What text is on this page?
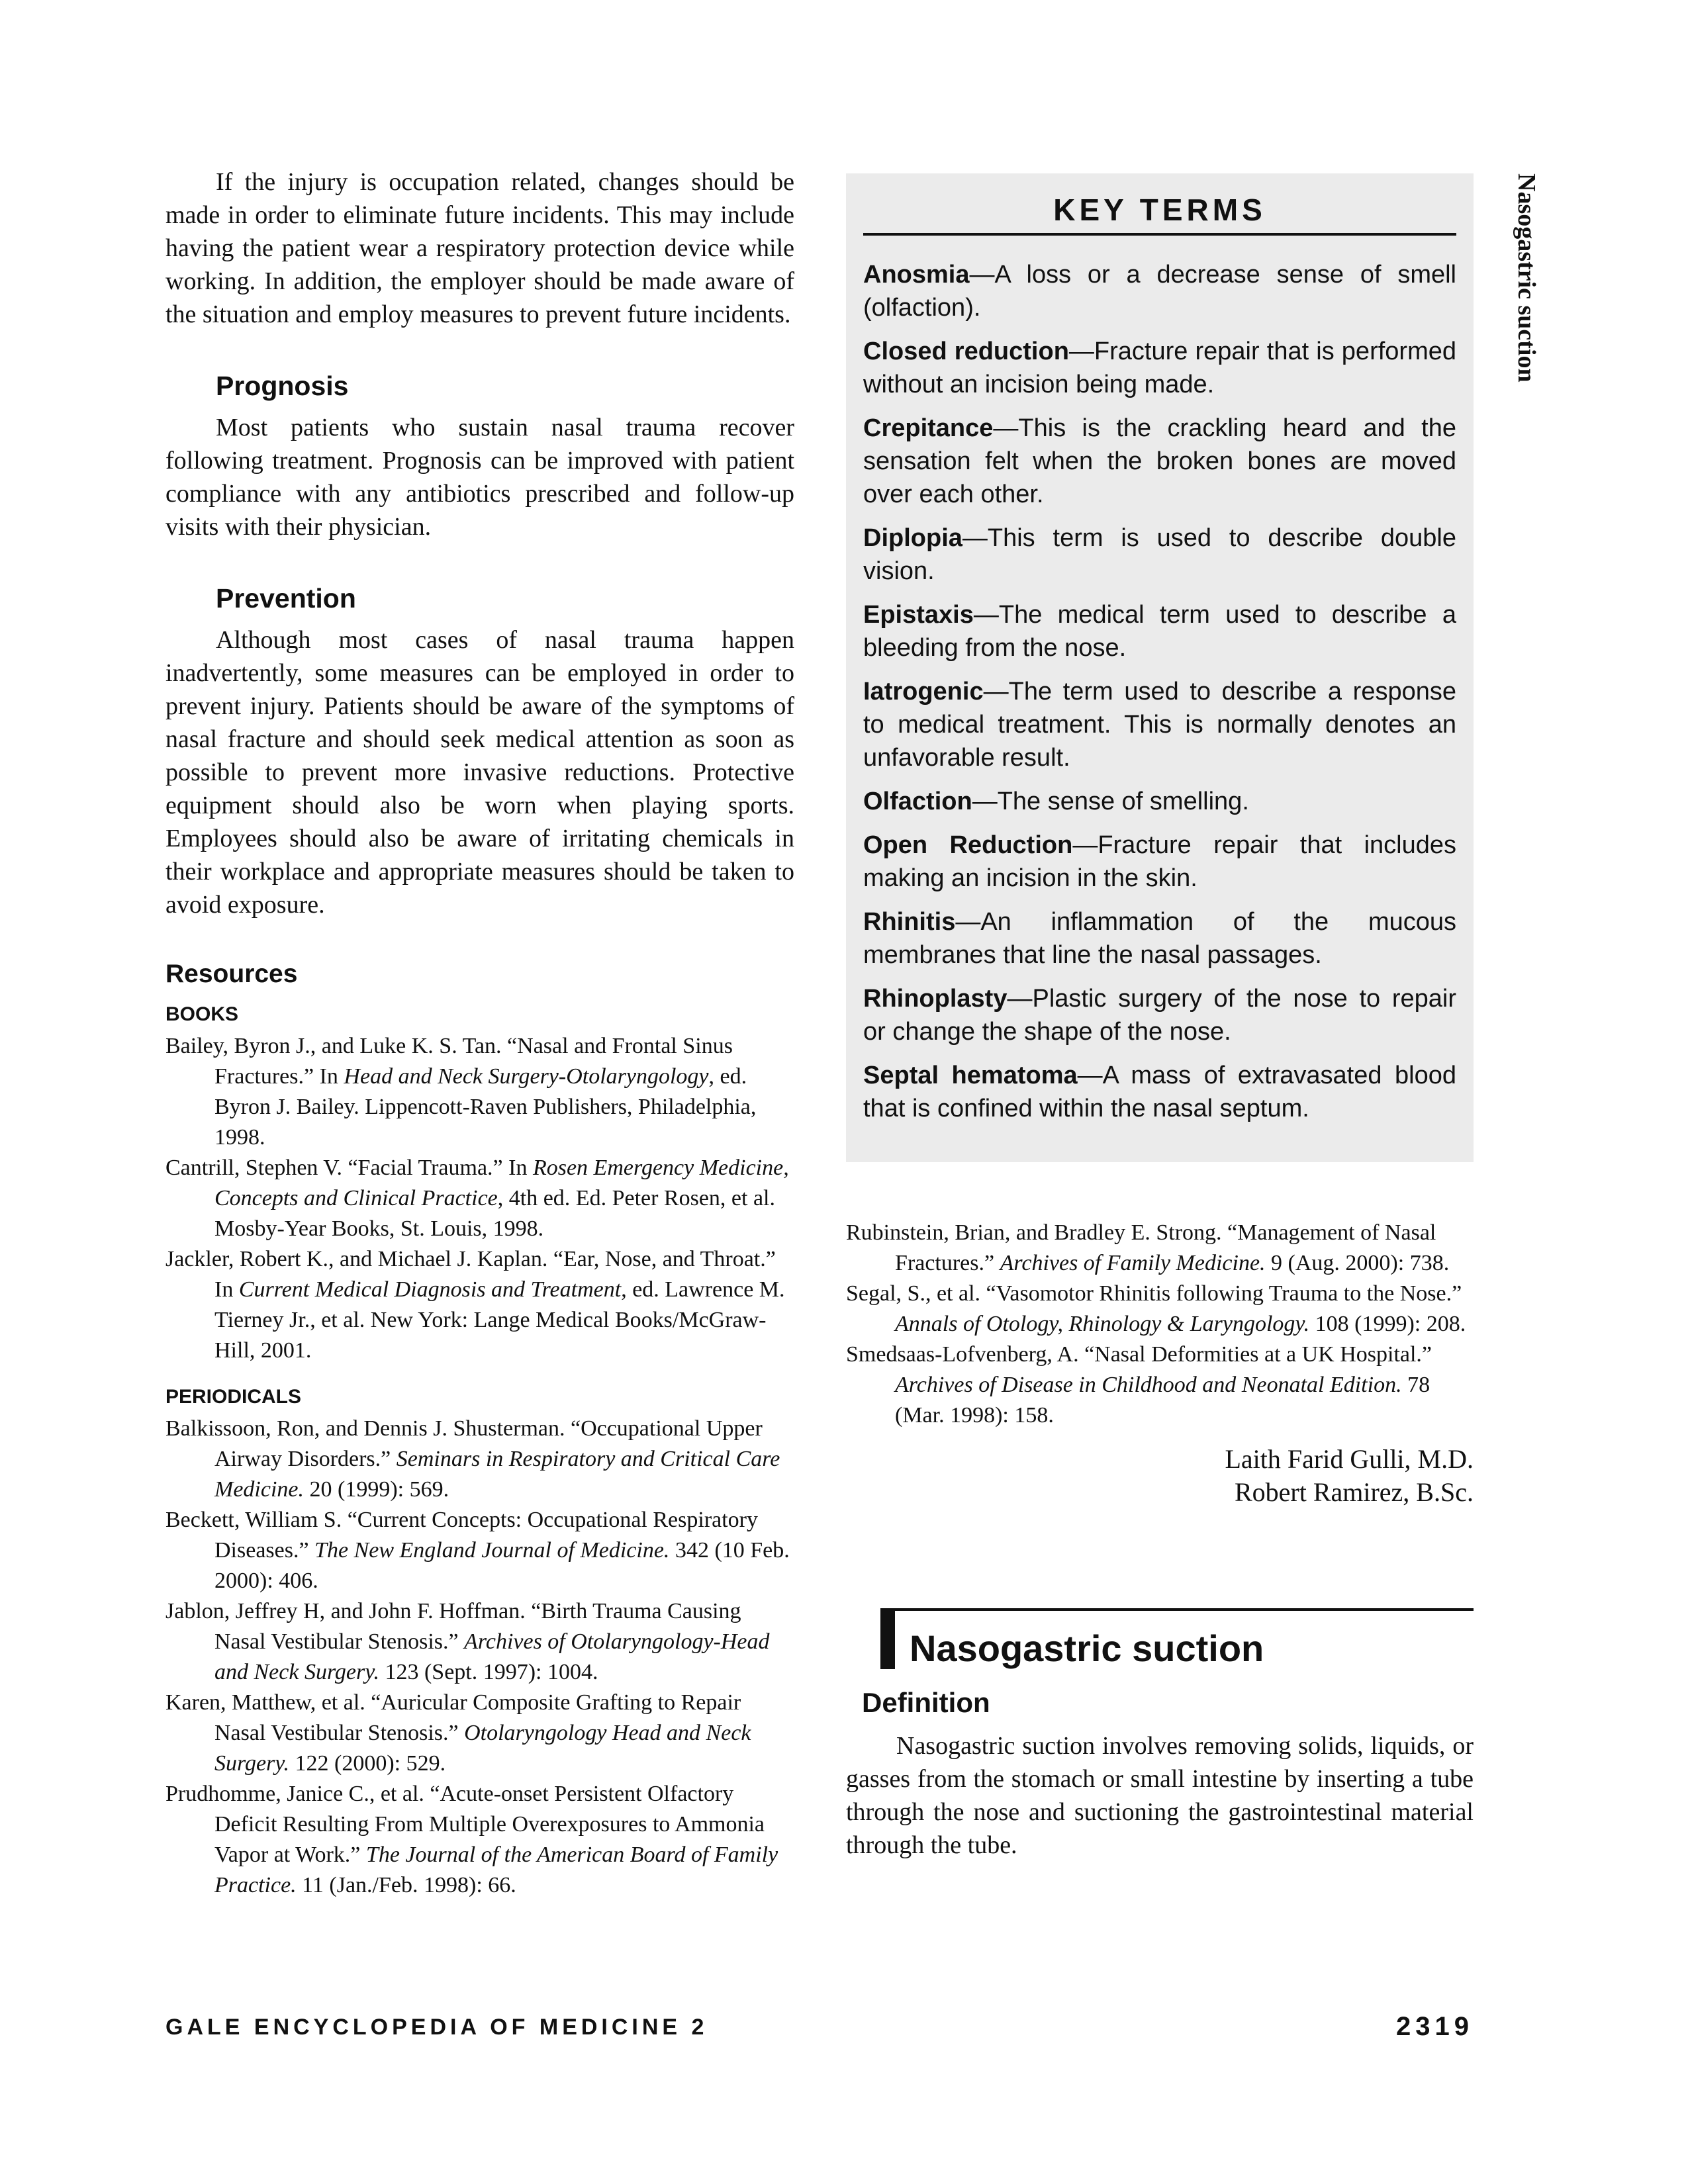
If the injury is occupation related, changes should be made in order to eliminate future incidents. This may include having the patient wear a respiratory protection device while working. In addition, the employer should be made aware of the situation and employ measures to prevent future incidents.

Prognosis

Most patients who sustain nasal trauma recover following treatment. Prognosis can be improved with patient compliance with any antibiotics prescribed and follow-up visits with their physician.

Prevention

Although most cases of nasal trauma happen inadvertently, some measures can be employed in order to prevent injury. Patients should be aware of the symptoms of nasal fracture and should seek medical attention as soon as possible to prevent more invasive reductions. Protective equipment should also be worn when playing sports. Employees should also be aware of irritating chemicals in their workplace and appropriate measures should be taken to avoid exposure.

Resources
BOOKS

Bailey, Byron J., and Luke K. S. Tan. “Nasal and Frontal Sinus Fractures.” In Head and Neck Surgery-Otolaryngology, ed. Byron J. Bailey. Lippencott-Raven Publishers, Philadelphia, 1998.

Cantrill, Stephen V. “Facial Trauma.” In Rosen Emergency Medicine, Concepts and Clinical Practice, 4th ed. Ed. Peter Rosen, et al. Mosby-Year Books, St. Louis, 1998.

Jackler, Robert K., and Michael J. Kaplan. “Ear, Nose, and Throat.” In Current Medical Diagnosis and Treatment, ed. Lawrence M. Tierney Jr., et al. New York: Lange Medical Books/McGraw-Hill, 2001.

PERIODICALS

Balkissoon, Ron, and Dennis J. Shusterman. “Occupational Upper Airway Disorders.” Seminars in Respiratory and Critical Care Medicine. 20 (1999): 569.

Beckett, William S. “Current Concepts: Occupational Respiratory Diseases.” The New England Journal of Medicine. 342 (10 Feb. 2000): 406.

Jablon, Jeffrey H, and John F. Hoffman. “Birth Trauma Causing Nasal Vestibular Stenosis.” Archives of Otolaryngology-Head and Neck Surgery. 123 (Sept. 1997): 1004.

Karen, Matthew, et al. “Auricular Composite Grafting to Repair Nasal Vestibular Stenosis.” Otolaryngology Head and Neck Surgery. 122 (2000): 529.

Prudhomme, Janice C., et al. “Acute-onset Persistent Olfactory Deficit Resulting From Multiple Overexposures to Ammonia Vapor at Work.” The Journal of the American Board of Family Practice. 11 (Jan./Feb. 1998): 66.

KEY TERMS

Anosmia—A loss or a decrease sense of smell (olfaction).

Closed reduction—Fracture repair that is performed without an incision being made.

Crepitance—This is the crackling heard and the sensation felt when the broken bones are moved over each other.

Diplopia—This term is used to describe double vision.

Epistaxis—The medical term used to describe a bleeding from the nose.

Iatrogenic—The term used to describe a response to medical treatment. This is normally denotes an unfavorable result.

Olfaction—The sense of smelling.

Open Reduction—Fracture repair that includes making an incision in the skin.

Rhinitis—An inflammation of the mucous membranes that line the nasal passages.

Rhinoplasty—Plastic surgery of the nose to repair or change the shape of the nose.

Septal hematoma—A mass of extravasated blood that is confined within the nasal septum.

Rubinstein, Brian, and Bradley E. Strong. “Management of Nasal Fractures.” Archives of Family Medicine. 9 (Aug. 2000): 738.

Segal, S., et al. “Vasomotor Rhinitis following Trauma to the Nose.” Annals of Otology, Rhinology & Laryngology. 108 (1999): 208.

Smedsaas-Lofvenberg, A. “Nasal Deformities at a UK Hospital.” Archives of Disease in Childhood and Neonatal Edition. 78 (Mar. 1998): 158.

Laith Farid Gulli, M.D.

Robert Ramirez, B.Sc.

Nasogastric suction
Definition

Nasogastric suction involves removing solids, liquids, or gasses from the stomach or small intestine by inserting a tube through the nose and suctioning the gastrointestinal material through the tube.

Nasogastric suction
GALE ENCYCLOPEDIA OF MEDICINE 2	2319
